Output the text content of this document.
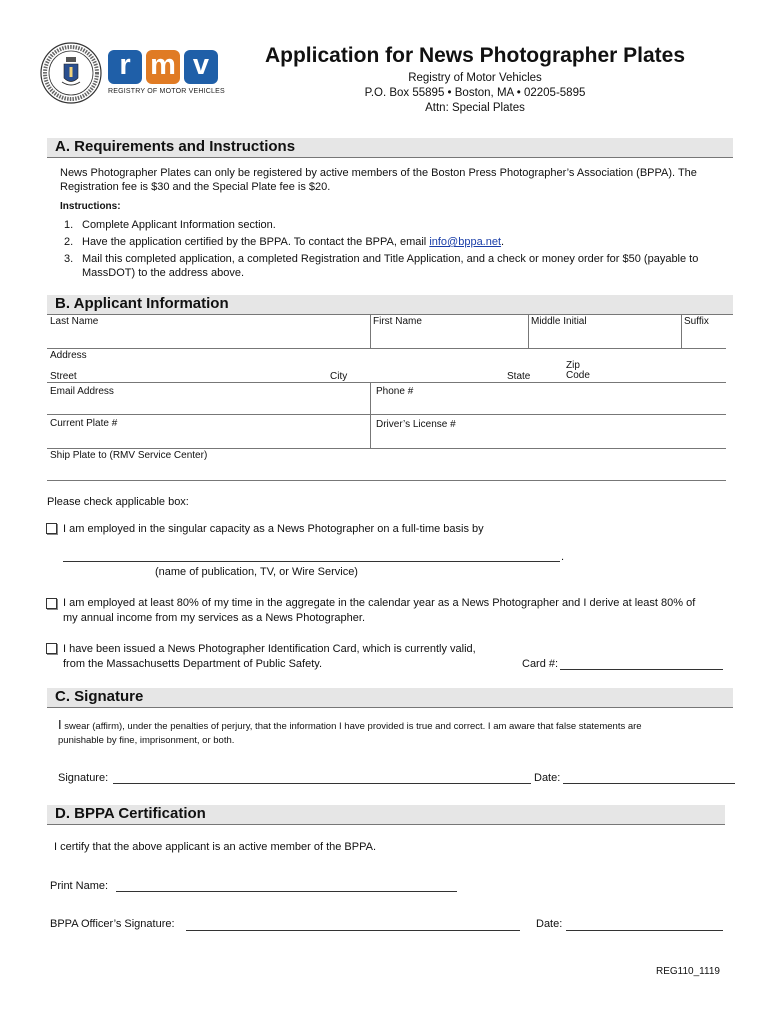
r m v
REGISTRY OF MOTOR VEHICLES
Application for News Photographer Plates
Registry of Motor Vehicles
P.O. Box 55895 • Boston, MA • 02205-5895
Attn: Special Plates
A. Requirements and Instructions
News Photographer Plates can only be registered by active members of the Boston Press Photographer’s Association (BPPA). The
Registration fee is $30 and the Special Plate fee is $20.
Instructions:
1. Complete Applicant Information section.
2. Have the application certified by the BPPA. To contact the BPPA, email info@bppa.net.
3. Mail this completed application, a completed Registration and Title Application, and a check or money order for $50 (payable to
MassDOT) to the address above.
B. Applicant Information
Last Name	First Name	Middle Initial	Suffix
Address
Street	City	State
Zip
Code
Email Address	Phone #
Current Plate #	Driver’s License #
Ship Plate to (RMV Service Center)
Please check applicable box:
I am employed in the singular capacity as a News Photographer on a full-time basis by
.
(name of publication, TV, or Wire Service)
I am employed at least 80% of my time in the aggregate in the calendar year as a News Photographer and I derive at least 80% of
my annual income from my services as a News Photographer.
I have been issued a News Photographer Identification Card, which is currently valid,
from the Massachusetts Department of Public Safety.	Card #:
C. Signature
I swear (affirm), under the penalties of perjury, that the information I have provided is true and correct. I am aware that false statements are
punishable by fine, imprisonment, or both.
Signature:	Date:
D. BPPA Certification
I certify that the above applicant is an active member of the BPPA.
Print Name:
BPPA Officer’s Signature:	Date:
REG110_1119
